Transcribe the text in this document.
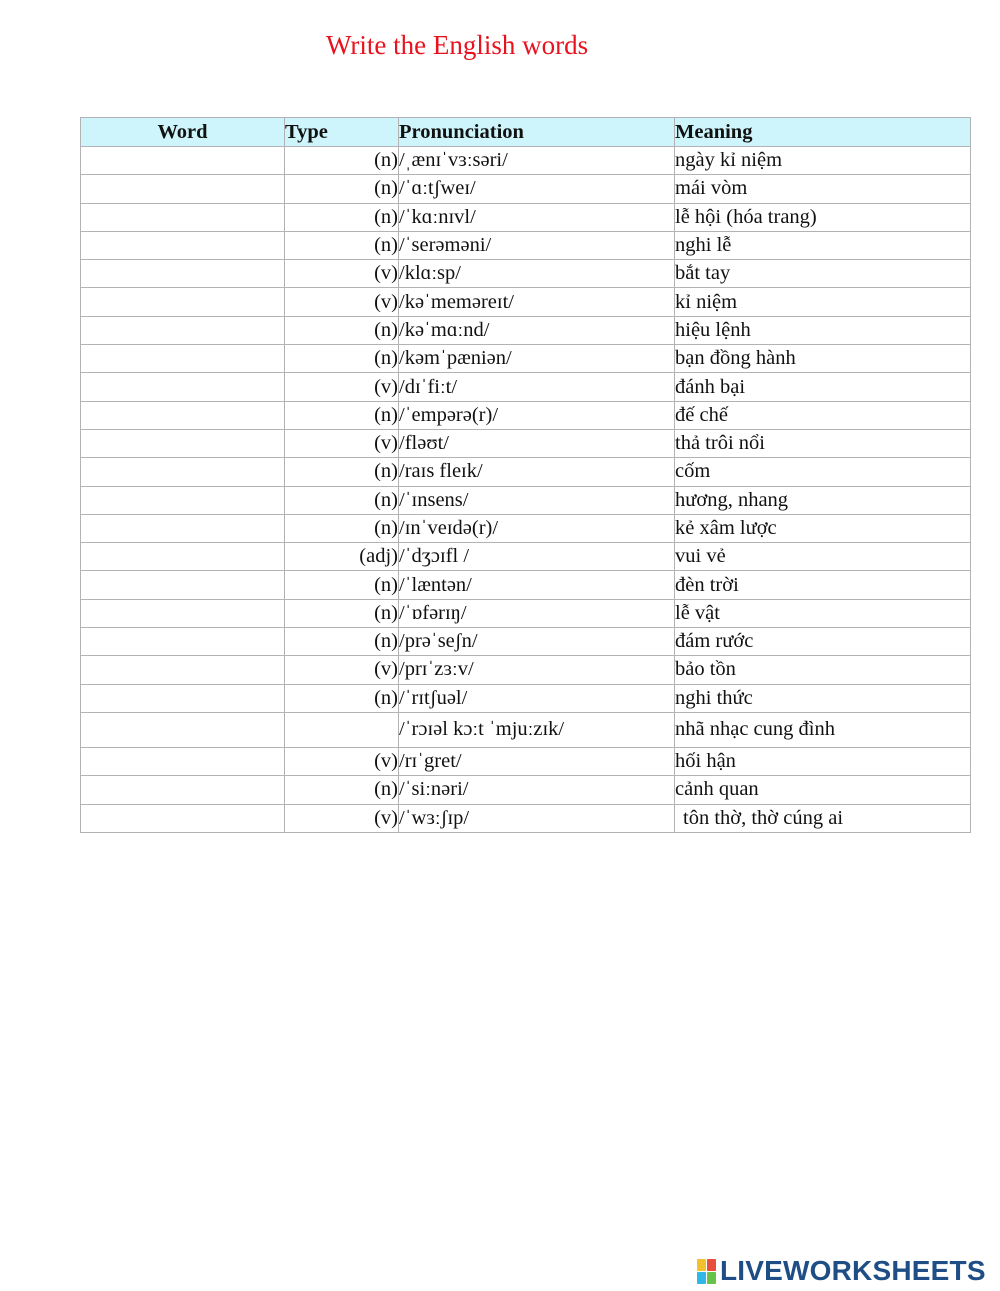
Write the English words
Word	Type	Pronunciation	Meaning
	(n)	/ˌænɪˈvɜːsəri/	ngày kỉ niệm
	(n)	/ˈɑːtʃweɪ/	mái vòm
	(n)	/ˈkɑːnɪvl/	lễ hội (hóa trang)
	(n)	/ˈserəməni/	nghi lễ
	(v)	/klɑːsp/	bắt tay
	(v)	/kəˈmeməreɪt/	kỉ niệm
	(n)	/kəˈmɑːnd/	hiệu lệnh
	(n)	/kəmˈpæniən/	bạn đồng hành
	(v)	/dɪˈfiːt/	đánh bại
	(n)	/ˈempərə(r)/	đế chế
	(v)	/fləʊt/	thả trôi nổi
	(n)	/raɪs fleɪk/	cốm
	(n)	/ˈɪnsens/	hương, nhang
	(n)	/ɪnˈveɪdə(r)/	kẻ xâm lược
	(adj)	/ˈdʒɔɪfl /	vui vẻ
	(n)	/ˈlæntən/	đèn trời
	(n)	/ˈɒfərɪŋ/	lễ vật
	(n)	/prəˈseʃn/	đám rước
	(v)	/prɪˈzɜːv/	bảo tồn
	(n)	/ˈrɪtʃuəl/	nghi thức
		/ˈrɔɪəl kɔːt ˈmjuːzɪk/	nhã nhạc cung đình
	(v)	/rɪˈgret/	hối hận
	(n)	/ˈsiːnəri/	cảnh quan
	(v)	/ˈwɜːʃɪp/	tôn thờ, thờ cúng ai
LIVEWORKSHEETS
